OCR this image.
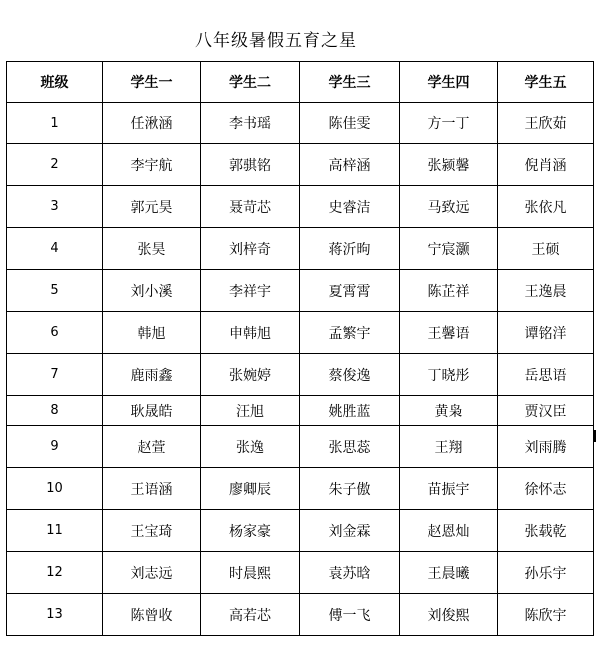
八年级暑假五育之星
班级	学生一	学生二	学生三	学生四	学生五
1	任湫涵	李书瑶	陈佳雯	方一丁	王欣茹
2	李宇航	郭骐铭	高梓涵	张颍馨	倪肖涵
3	郭元昊	聂苛芯	史睿洁	马致远	张依凡
4	张昊	刘梓奇	蒋沂昫	宁宸灏	王硕
5	刘小溪	李祥宇	夏霄霄	陈芷祥	王逸晨
6	韩旭	申韩旭	孟繁宇	王馨语	谭铭洋
7	鹿雨鑫	张婉婷	蔡俊逸	丁晓彤	岳思语
8	耿晟皓	汪旭	姚胜蓝	黄枭	贾汉臣
9	赵萱	张逸	张思蕊	王翔	刘雨腾
10	王语涵	廖卿辰	朱子傲	苗振宇	徐怀志
11	王宝琦	杨家豪	刘金霖	赵恩灿	张载乾
12	刘志远	时晨熙	袁苏晗	王晨曦	孙乐宇
13	陈曾收	高若芯	傅一飞	刘俊熙	陈欣宇
